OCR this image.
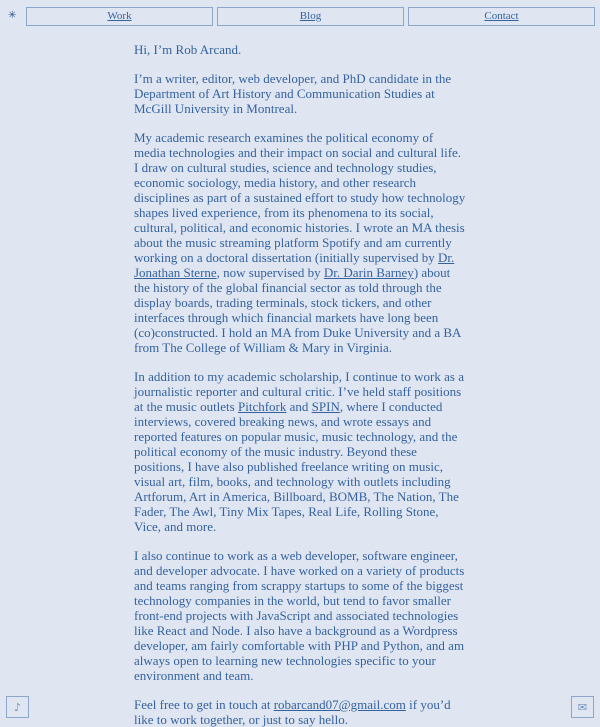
✳	Work	Blog	Contact

Hi, I’m Rob Arcand.

I’m a writer, editor, web developer, and PhD candidate in the Department of Art History and Communication Studies at McGill University in Montreal.

My academic research examines the political economy of media technologies and their impact on social and cultural life. I draw on cultural studies, science and technology studies, economic sociology, media history, and other research disciplines as part of a sustained effort to study how technology shapes lived experience, from its phenomena to its social, cultural, political, and economic histories. I wrote an MA thesis about the music streaming platform Spotify and am currently working on a doctoral dissertation (initially supervised by Dr. Jonathan Sterne, now supervised by Dr. Darin Barney) about the history of the global financial sector as told through the display boards, trading terminals, stock tickers, and other interfaces through which financial markets have long been (co)constructed. I hold an MA from Duke University and a BA from The College of William & Mary in Virginia.

In addition to my academic scholarship, I continue to work as a journalistic reporter and cultural critic. I’ve held staff positions at the music outlets Pitchfork and SPIN, where I conducted interviews, covered breaking news, and wrote essays and reported features on popular music, music technology, and the political economy of the music industry. Beyond these positions, I have also published freelance writing on music, visual art, film, books, and technology with outlets including Artforum, Art in America, Billboard, BOMB, The Nation, The Fader, The Awl, Tiny Mix Tapes, Real Life, Rolling Stone, Vice, and more.

I also continue to work as a web developer, software engineer, and developer advocate. I have worked on a variety of products and teams ranging from scrappy startups to some of the biggest technology companies in the world, but tend to favor smaller front-end projects with JavaScript and associated technologies like React and Node. I also have a background as a Wordpress developer, am fairly comfortable with PHP and Python, and am always open to learning new technologies specific to your environment and team.

Feel free to get in touch at robarcand07@gmail.com if you’d like to work together, or just to say hello.

♪	✉
